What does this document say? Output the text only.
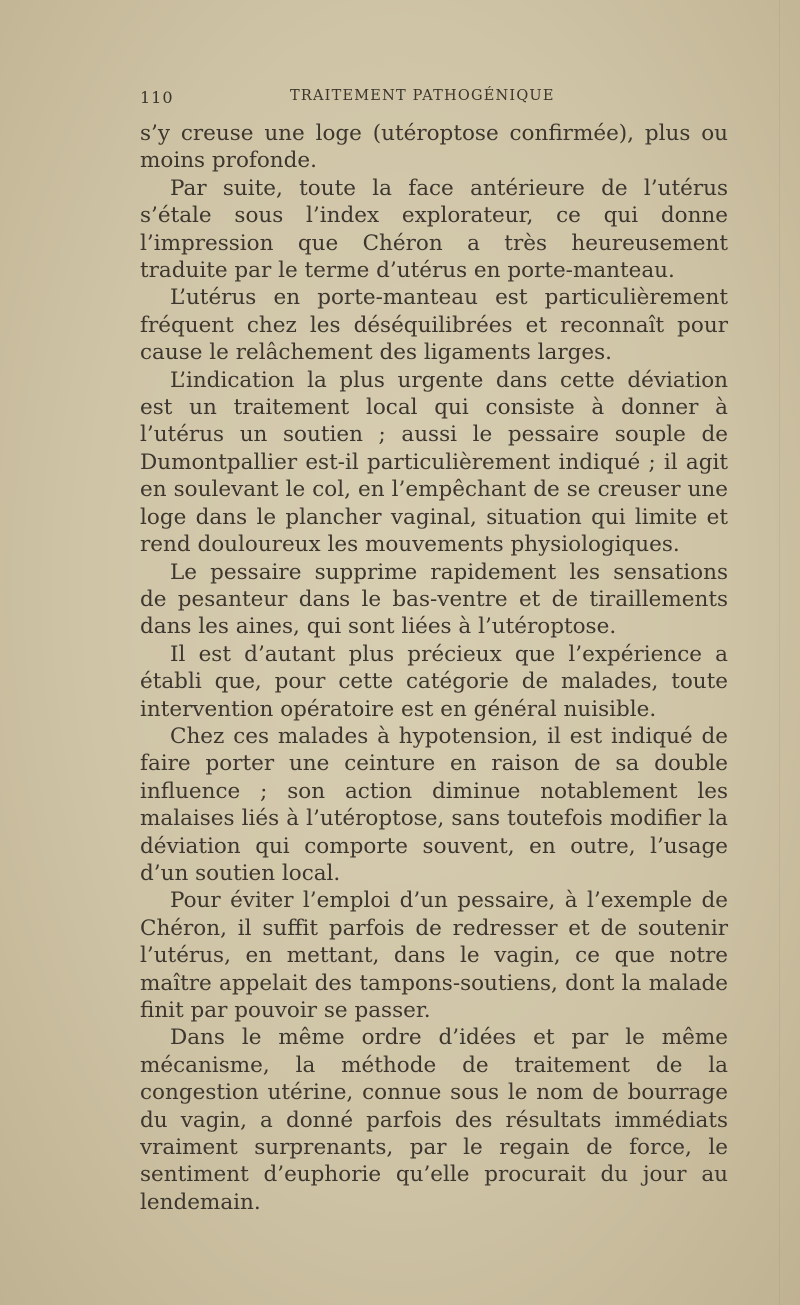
110	TRAITEMENT PATHOGÉNIQUE

s’y creuse une loge (utéroptose confirmée), plus ou moins profonde.

Par suite, toute la face antérieure de l’utérus s’étale sous l’index explorateur, ce qui donne l’impression que Chéron a très heureusement traduite par le terme d’utérus en porte-manteau.

L’utérus en porte-manteau est particulièrement fréquent chez les déséquilibrées et reconnaît pour cause le relâchement des ligaments larges.

L’indication la plus urgente dans cette déviation est un traitement local qui consiste à donner à l’utérus un soutien ; aussi le pessaire souple de Dumontpallier est-il particulièrement indiqué ; il agit en soulevant le col, en l’empêchant de se creuser une loge dans le plancher vaginal, situation qui limite et rend douloureux les mouvements physiologiques.

Le pessaire supprime rapidement les sensations de pesanteur dans le bas-ventre et de tiraillements dans les aines, qui sont liées à l’utéroptose.

Il est d’autant plus précieux que l’expérience a établi que, pour cette catégorie de malades, toute intervention opératoire est en général nuisible.

Chez ces malades à hypotension, il est indiqué de faire porter une ceinture en raison de sa double influence ; son action diminue notablement les malaises liés à l’utéroptose, sans toutefois modifier la déviation qui comporte souvent, en outre, l’usage d’un soutien local.

Pour éviter l’emploi d’un pessaire, à l’exemple de Chéron, il suffit parfois de redresser et de soutenir l’utérus, en mettant, dans le vagin, ce que notre maître appelait des tampons-soutiens, dont la malade finit par pouvoir se passer.

Dans le même ordre d’idées et par le même mécanisme, la méthode de traitement de la congestion utérine, connue sous le nom de bourrage du vagin, a donné parfois des résultats immédiats vraiment surprenants, par le regain de force, le sentiment d’euphorie qu’elle procurait du jour au lendemain.
